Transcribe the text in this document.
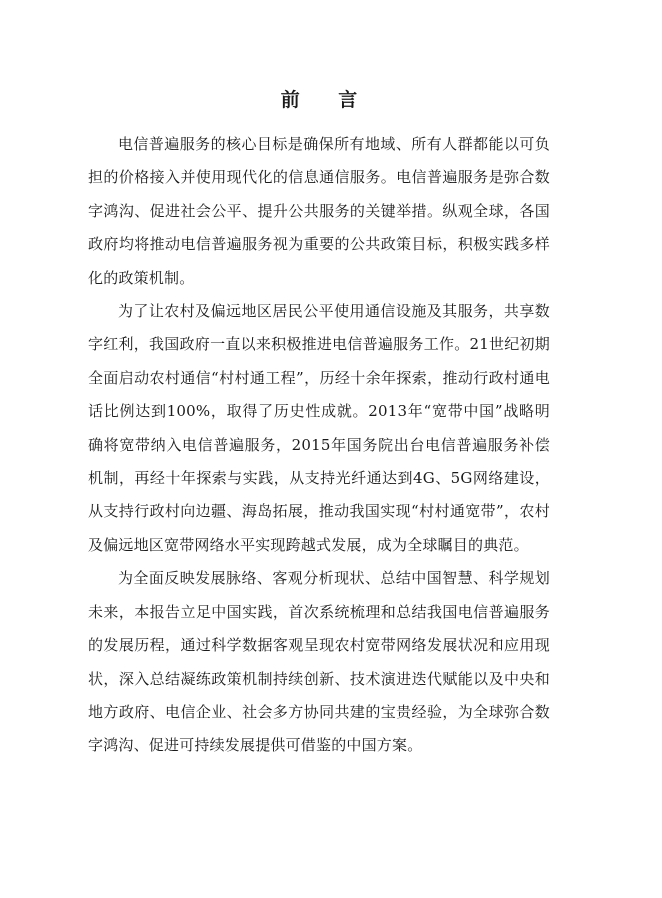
前 言

电信普遍服务的核心目标是确保所有地域、所有人群都能以可负担的价格接入并使用现代化的信息通信服务。电信普遍服务是弥合数字鸿沟、促进社会公平、提升公共服务的关键举措。纵观全球，各国政府均将推动电信普遍服务视为重要的公共政策目标，积极实践多样化的政策机制。

为了让农村及偏远地区居民公平使用通信设施及其服务，共享数字红利，我国政府一直以来积极推进电信普遍服务工作。21世纪初期全面启动农村通信“村村通工程”，历经十余年探索，推动行政村通电话比例达到100%，取得了历史性成就。2013年“宽带中国”战略明确将宽带纳入电信普遍服务，2015年国务院出台电信普遍服务补偿机制，再经十年探索与实践，从支持光纤通达到4G、5G网络建设，从支持行政村向边疆、海岛拓展，推动我国实现“村村通宽带”，农村及偏远地区宽带网络水平实现跨越式发展，成为全球瞩目的典范。

为全面反映发展脉络、客观分析现状、总结中国智慧、科学规划未来，本报告立足中国实践，首次系统梳理和总结我国电信普遍服务的发展历程，通过科学数据客观呈现农村宽带网络发展状况和应用现状，深入总结凝练政策机制持续创新、技术演进迭代赋能以及中央和地方政府、电信企业、社会多方协同共建的宝贵经验，为全球弥合数字鸿沟、促进可持续发展提供可借鉴的中国方案。
